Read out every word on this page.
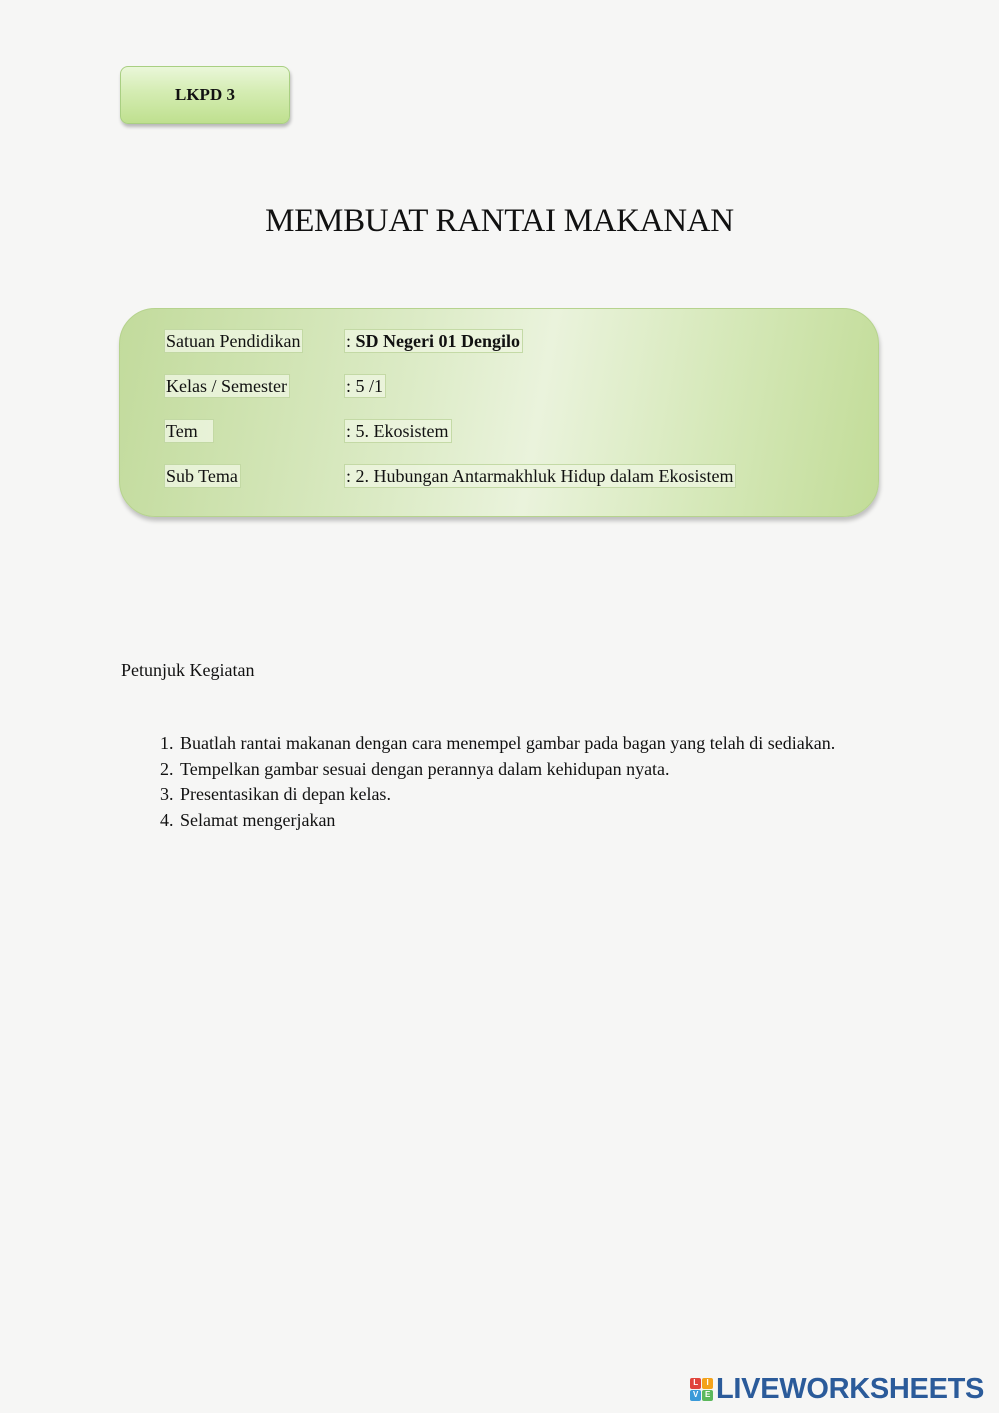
LKPD 3
MEMBUAT RANTAI MAKANAN
Satuan Pendidikan	: SD Negeri 01 Dengilo
Kelas / Semester	: 5 /1
Tem	: 5. Ekosistem
Sub Tema	: 2. Hubungan Antarmakhluk Hidup dalam Ekosistem
Petunjuk Kegiatan
1. Buatlah rantai makanan dengan cara menempel gambar pada bagan yang telah di sediakan.
2. Tempelkan gambar sesuai dengan perannya dalam kehidupan nyata.
3. Presentasikan di depan kelas.
4. Selamat mengerjakan
L	I
V E LIVEWORKSHEETS
